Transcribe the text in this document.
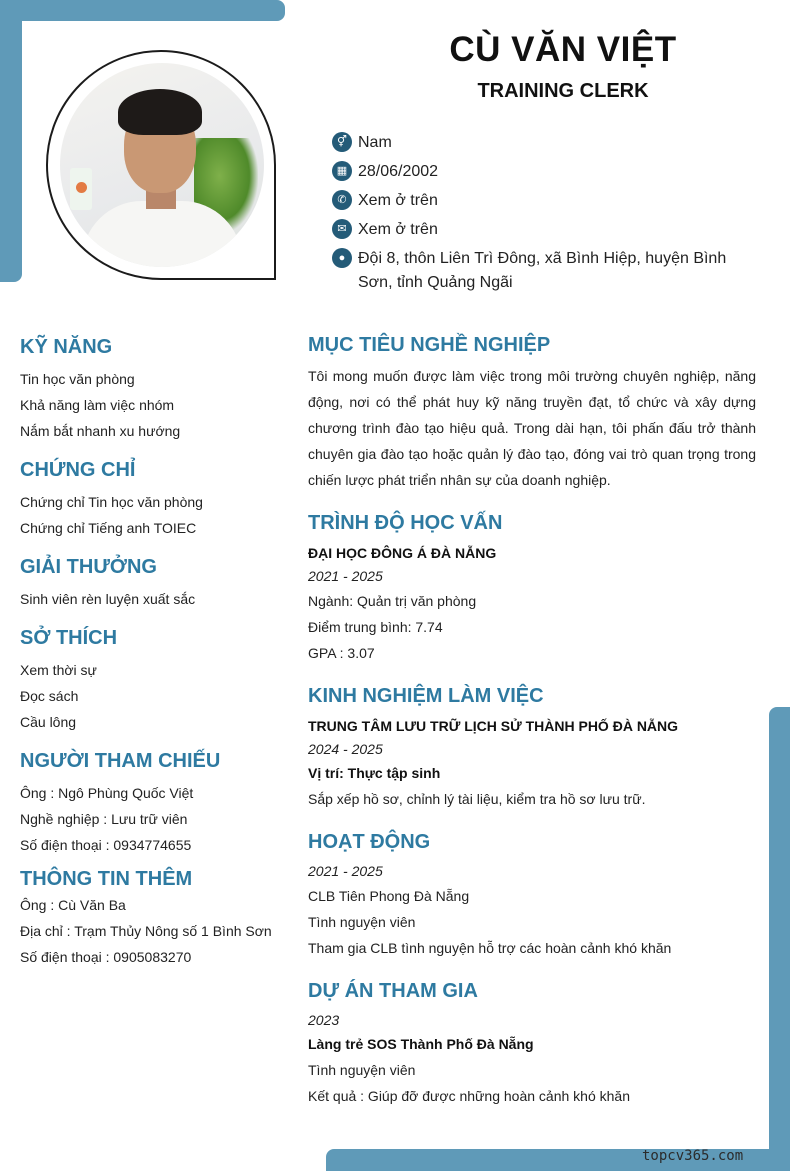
CÙ VĂN VIỆT
TRAINING CLERK
⚥ Nam
▦ 28/06/2002
✆ Xem ở trên
✉ Xem ở trên
● Đội 8, thôn Liên Trì Đông, xã Bình Hiệp, huyện Bình Sơn, tỉnh Quảng Ngãi
KỸ NĂNG
Tin học văn phòng
Khả năng làm việc nhóm
Nắm bắt nhanh xu hướng
CHỨNG CHỈ
Chứng chỉ Tin học văn phòng
Chứng chỉ Tiếng anh TOIEC
GIẢI THƯỞNG
Sinh viên rèn luyện xuất sắc
SỞ THÍCH
Xem thời sự
Đọc sách
Cầu lông
NGƯỜI THAM CHIẾU
Ông : Ngô Phùng Quốc Việt
Nghề nghiệp : Lưu trữ viên
Số điện thoại : 0934774655
THÔNG TIN THÊM
Ông : Cù Văn Ba
Địa chỉ : Trạm Thủy Nông số 1 Bình Sơn
Số điện thoại : 0905083270
MỤC TIÊU NGHỀ NGHIỆP
Tôi mong muốn được làm việc trong môi trường chuyên nghiệp, năng động, nơi có thể phát huy kỹ năng truyền đạt, tổ chức và xây dựng chương trình đào tạo hiệu quả. Trong dài hạn, tôi phấn đấu trở thành chuyên gia đào tạo hoặc quản lý đào tạo, đóng vai trò quan trọng trong chiến lược phát triển nhân sự của doanh nghiệp.
TRÌNH ĐỘ HỌC VẤN
ĐẠI HỌC ĐÔNG Á ĐÀ NẴNG
2021 - 2025
Ngành: Quản trị văn phòng
Điểm trung bình: 7.74
GPA : 3.07
KINH NGHIỆM LÀM VIỆC
TRUNG TÂM LƯU TRỮ LỊCH SỬ THÀNH PHỐ ĐÀ NẴNG
2024 - 2025
Vị trí: Thực tập sinh
Sắp xếp hồ sơ, chỉnh lý tài liệu, kiểm tra hồ sơ lưu trữ.
HOẠT ĐỘNG
2021 - 2025
CLB Tiên Phong Đà Nẵng
Tình nguyện viên
Tham gia CLB tình nguyện hỗ trợ các hoàn cảnh khó khăn
DỰ ÁN THAM GIA
2023
Làng trẻ SOS Thành Phố Đà Nẵng
Tình nguyện viên
Kết quả : Giúp đỡ được những hoàn cảnh khó khăn
topcv365.com
